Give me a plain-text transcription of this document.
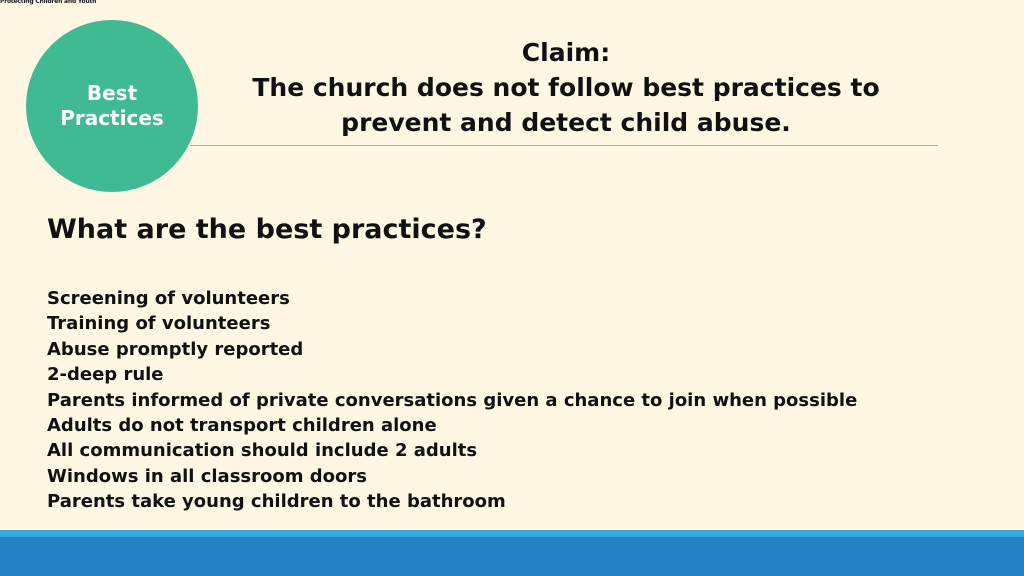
Protecting Children and Youth
Best
Practices
Claim:
The church does not follow best practices to
prevent and detect child abuse.
What are the best practices?
Screening of volunteers
Training of volunteers
Abuse promptly reported
2-deep rule
Parents informed of private conversations given a chance to join when possible
Adults do not transport children alone
All communication should include 2 adults
Windows in all classroom doors
Parents take young children to the bathroom
